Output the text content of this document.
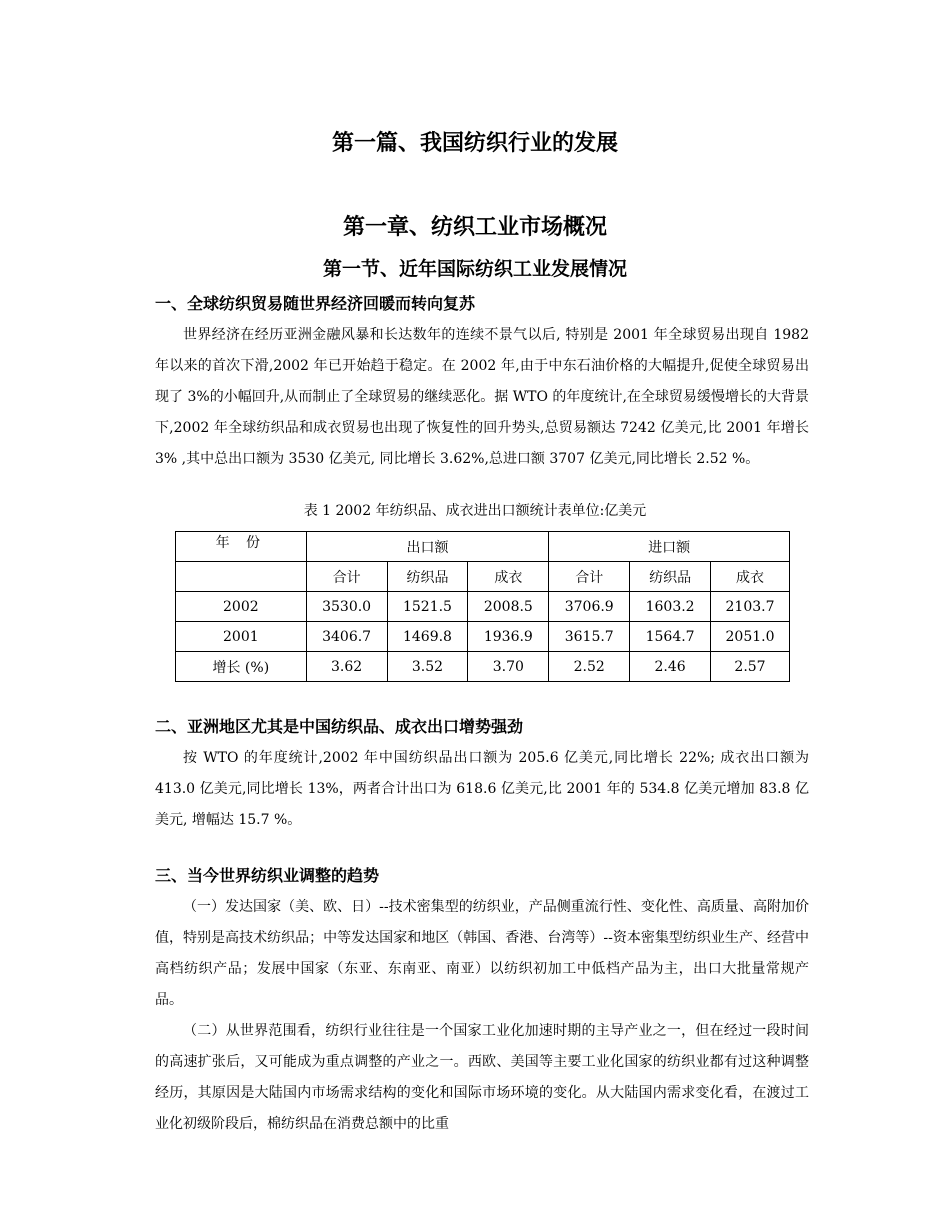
第一篇、我国纺织行业的发展
第一章、纺织工业市场概况
第一节、近年国际纺织工业发展情况
一、全球纺织贸易随世界经济回暖而转向复苏

世界经济在经历亚洲金融风暴和长达数年的连续不景气以后, 特别是 2001 年全球贸易出现自 1982 年以来的首次下滑,2002 年已开始趋于稳定。在 2002 年,由于中东石油价格的大幅提升,促使全球贸易出现了 3%的小幅回升,从而制止了全球贸易的继续恶化。据 WTO 的年度统计,在全球贸易缓慢增长的大背景下,2002 年全球纺织品和成衣贸易也出现了恢复性的回升势头,总贸易额达 7242 亿美元,比 2001 年增长 3% ,其中总出口额为 3530 亿美元, 同比增长 3.62%,总进口额 3707 亿美元,同比增长 2.52 %。

表 1 2002 年纺织品、成衣进出口额统计表单位:亿美元
年 份	出口额			进口额		
	合计	纺织品	成衣	合计	纺织品	成衣
2002	3530.0	1521.5	2008.5	3706.9	1603.2	2103.7
2001	3406.7	1469.8	1936.9	3615.7	1564.7	2051.0
增长 (%)	3.62	3.52	3.70	2.52	2.46	2.57
二、亚洲地区尤其是中国纺织品、成衣出口增势强劲

按 WTO 的年度统计,2002 年中国纺织品出口额为 205.6 亿美元,同比增长 22%; 成衣出口额为 413.0 亿美元,同比增长 13%，两者合计出口为 618.6 亿美元,比 2001 年的 534.8 亿美元增加 83.8 亿美元, 增幅达 15.7 %。

三、当今世界纺织业调整的趋势

（一）发达国家（美、欧、日）--技术密集型的纺织业，产品侧重流行性、变化性、高质量、高附加价值，特别是高技术纺织品；中等发达国家和地区（韩国、香港、台湾等）--资本密集型纺织业生产、经营中高档纺织产品；发展中国家（东亚、东南亚、南亚）以纺织初加工中低档产品为主，出口大批量常规产品。

（二）从世界范围看，纺织行业往往是一个国家工业化加速时期的主导产业之一，但在经过一段时间的高速扩张后，又可能成为重点调整的产业之一。西欧、美国等主要工业化国家的纺织业都有过这种调整经历，其原因是大陆国内市场需求结构的变化和国际市场环境的变化。从大陆国内需求变化看，在渡过工业化初级阶段后，棉纺织品在消费总额中的比重
